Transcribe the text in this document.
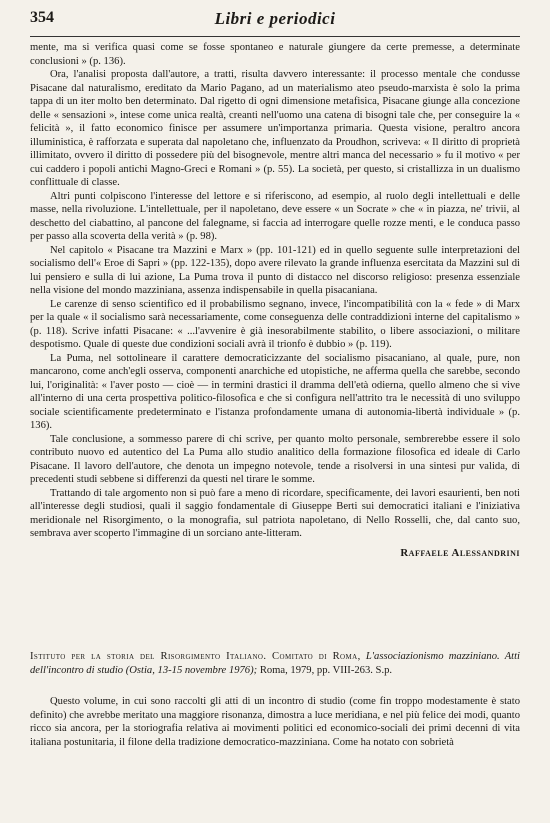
354	Libri e periodici

mente, ma si verifica quasi come se fosse spontaneo e naturale giungere da certe premesse, a determinate conclusioni » (p. 136).

Ora, l'analisi proposta dall'autore, a tratti, risulta davvero interessante: il processo mentale che condusse Pisacane dal naturalismo, ereditato da Mario Pagano, ad un materialismo ateo pseudo-marxista è solo la prima tappa di un iter molto ben determinato. Dal rigetto di ogni dimensione metafisica, Pisacane giunge alla concezione delle « sensazioni », intese come unica realtà, creanti nell'uomo una catena di bisogni tale che, per conseguire la « felicità », il fatto economico finisce per assumere un'importanza primaria. Questa visione, peraltro ancora illuministica, è rafforzata e superata dal napoletano che, influenzato da Proudhon, scriveva: « Il diritto di proprietà illimitato, ovvero il diritto di possedere più del bisognevole, mentre altri manca del necessario » fu il motivo « per cui caddero i popoli antichi Magno-Greci e Romani » (p. 55). La società, per questo, si cristallizza in un dualismo conflittuale di classe.

Altri punti colpiscono l'interesse del lettore e si riferiscono, ad esempio, al ruolo degli intellettuali e delle masse, nella rivoluzione. L'intellettuale, per il napoletano, deve essere « un Socrate » che « in piazza, ne' trivii, al deschetto del ciabattino, al pancone del falegname, si faccia ad interrogare quelle rozze menti, e le conduca passo per passo alla scoverta della verità » (p. 98).

Nel capitolo « Pisacane tra Mazzini e Marx » (pp. 101-121) ed in quello seguente sulle interpretazioni del socialismo dell'« Eroe di Sapri » (pp. 122-135), dopo avere rilevato la grande influenza esercitata da Mazzini sul di lui pensiero e sulla di lui azione, La Puma trova il punto di distacco nel discorso religioso: presenza essenziale nella visione del mondo mazziniana, assenza indispensabile in quella pisacaniana.

Le carenze di senso scientifico ed il probabilismo segnano, invece, l'incompatibilità con la « fede » di Marx per la quale « il socialismo sarà necessariamente, come conseguenza delle contraddizioni interne del capitalismo » (p. 118). Scrive infatti Pisacane: « ...l'avvenire è già inesorabilmente stabilito, o libere associazioni, o militare despotismo. Quale di queste due condizioni sociali avrà il trionfo è dubbio » (p. 119).

La Puma, nel sottolineare il carattere democraticizzante del socialismo pisacaniano, al quale, pure, non mancarono, come anch'egli osserva, componenti anarchiche ed utopistiche, ne afferma quella che sarebbe, secondo lui, l'originalità: « l'aver posto — cioè — in termini drastici il dramma dell'età odierna, quello almeno che si vive all'interno di una certa prospettiva politico-filosofica e che si configura nell'attrito tra le necessità di uno sviluppo sociale scientificamente predeterminato e l'istanza profondamente umana di autonomia-libertà individuale » (p. 136).

Tale conclusione, a sommesso parere di chi scrive, per quanto molto personale, sembrerebbe essere il solo contributo nuovo ed autentico del La Puma allo studio analitico della formazione filosofica ed ideale di Carlo Pisacane. Il lavoro dell'autore, che denota un impegno notevole, tende a risolversi in una sintesi pur valida, di precedenti studi sebbene si differenzi da questi nel tirare le somme.

Trattando di tale argomento non si può fare a meno di ricordare, specificamente, dei lavori esaurienti, ben noti all'interesse degli studiosi, quali il saggio fondamentale di Giuseppe Berti sui democratici italiani e l'iniziativa meridionale nel Risorgimento, o la monografia, sul patriota napoletano, di Nello Rosselli, che, dal canto suo, sembrava aver scoperto l'immagine di un sorciano ante-litteram.

Raffaele Alessandrini

Istituto per la storia del Risorgimento Italiano. Comitato di Roma, L'associazionismo mazziniano. Atti dell'incontro di studio (Ostia, 13-15 novembre 1976); Roma, 1979, pp. VIII-263. S.p.

Questo volume, in cui sono raccolti gli atti di un incontro di studio (come fin troppo modestamente è stato definito) che avrebbe meritato una maggiore risonanza, dimostra a luce meridiana, e nel più felice dei modi, quanto ricco sia ancora, per la storiografia relativa ai movimenti politici ed economico-sociali dei primi decenni di vita italiana postunitaria, il filone della tradizione democratico-mazziniana. Come ha notato con sobrietà
